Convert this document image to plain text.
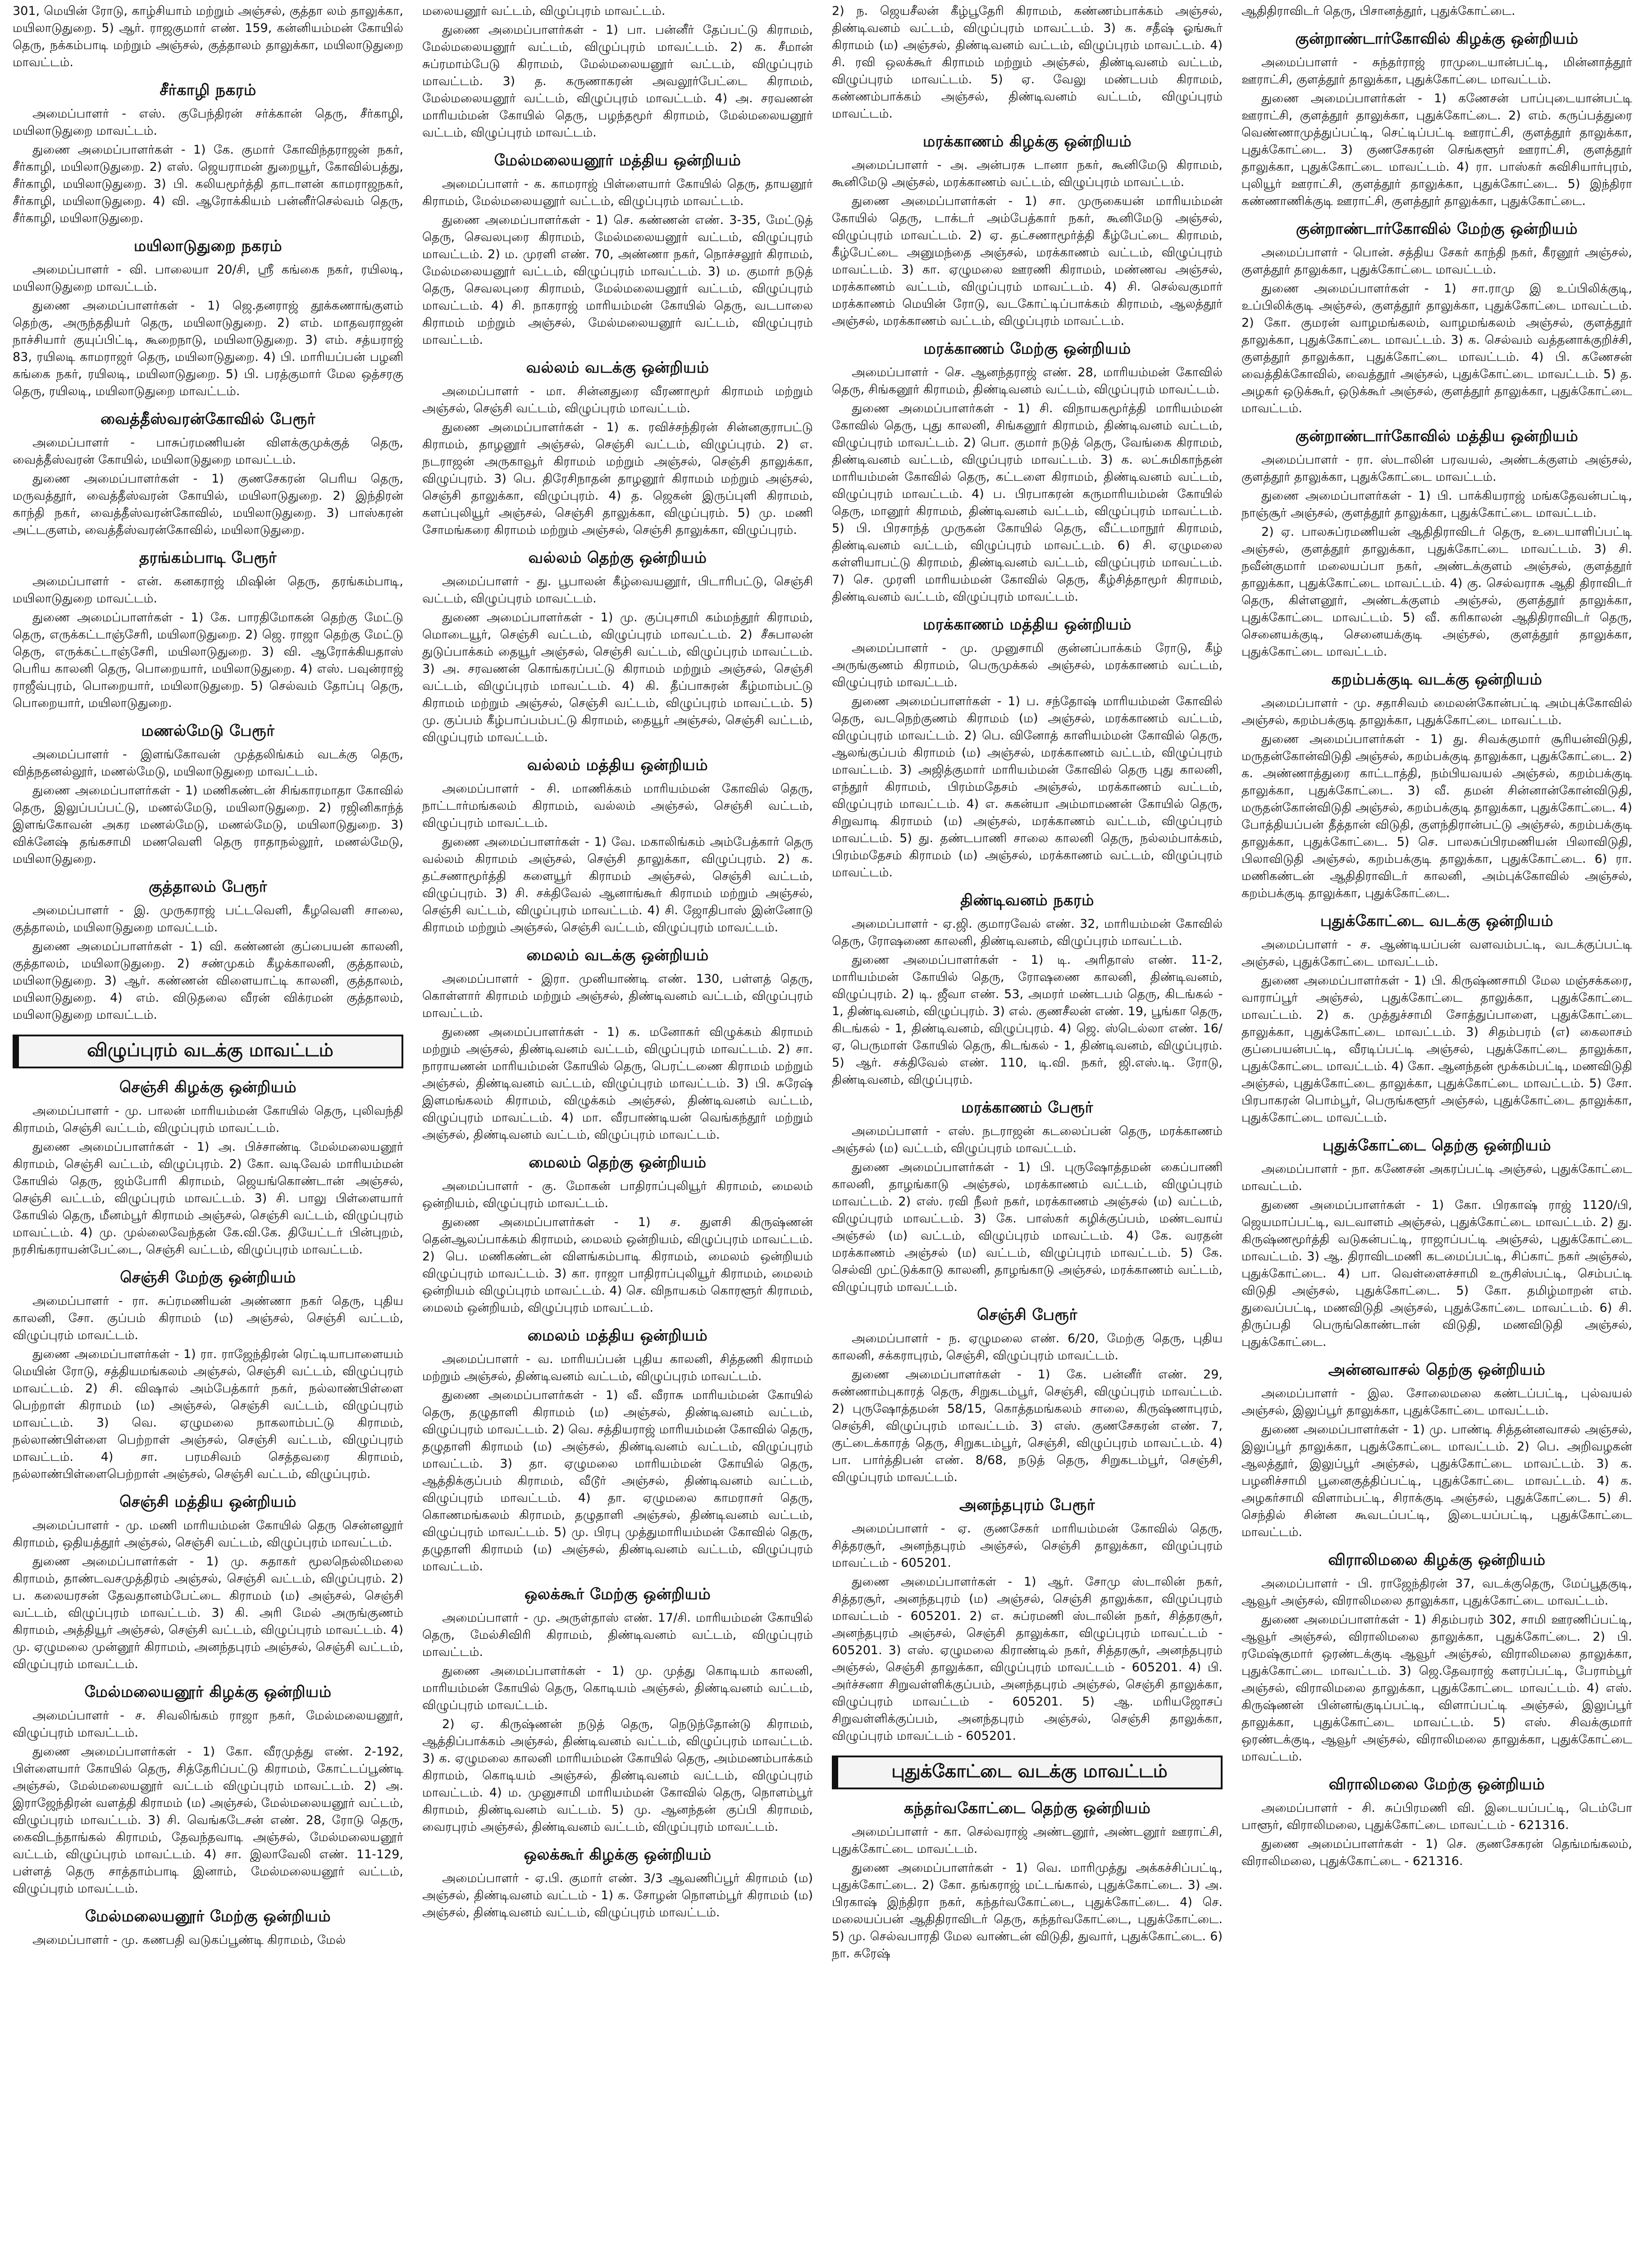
301, மெயின் ரோடு, காழ்சியாம் மற்றும் அஞ்சல், குத்தா லம் தாலுக்கா, மயிலாடுதுறை. 5) ஆர். ராஜகுமார் எண். 159, கன்னியம்மன் கோயில் தெரு, நக்கம்பாடி மற்றும் அஞ்சல், குத்தாலம் தாலுக்கா, மயிலாடுதுறை மாவட்டம்.
சீர்காழி நகரம்
அமைப்பாளர் - எஸ். குபேந்திரன் சர்க்கான் தெரு, சீர்காழி, மயிலாடுதுறை மாவட்டம்.
துணை அமைப்பாளர்கள் - 1) கே. குமார் கோவிந்தராஜன் நகர், சீர்காழி, மயிலாடுதுறை. 2) எஸ். ஜெயராமன் துறையூர், கோவில்பத்து, சீர்காழி, மயிலாடுதுறை. 3) பி. கலியமூர்த்தி தாடாளன் காமராஜநகர், சீர்காழி, மயிலாடுதுறை. 4) வி. ஆரோக்கியம் பன்னீர்செல்வம் தெரு, சீர்காழி, மயிலாடுதுறை.
மயிலாடுதுறை நகரம்
அமைப்பாளர் - வி. பாலையா 20/சி, ஸ்ரீ கங்கை நகர், ரயிலடி, மயிலாடுதுறை மாவட்டம்.
துணை அமைப்பாளர்கள் - 1) ஜெ.தனராஜ் தூக்கணாங்குளம் தெற்கு, அருந்ததியர் தெரு, மயிலாடுதுறை. 2) எம். மாதவராஜன் நாச்சியார் குயுப்பிட்டி, கூறைநாடு, மயிலாடுதுறை. 3) எம். சத்யராஜ் 83, ரயிலடி காமராஜர் தெரு, மயிலாடுதுறை. 4) பி. மாரியப்பன் பழனி கங்கை நகர், ரயிலடி, மயிலாடுதுறை. 5) பி. பரத்குமார் மேல ஒத்சரகு தெரு, ரயிலடி, மயிலாடுதுறை மாவட்டம்.
வைத்தீஸ்வரன்கோவில் பேரூர்
அமைப்பாளர் - பாசுப்ரமணியன் விளக்குமுக்குத் தெரு, வைத்தீஸ்வரன் கோயில், மயிலாடுதுறை மாவட்டம்.
துணை அமைப்பாளர்கள் - 1) குணசேகரன் பெரிய தெரு, மருவத்தூர், வைத்தீஸ்வரன் கோயில், மயிலாடுதுறை. 2) இந்திரன் காந்தி நகர், வைத்தீஸ்வரன்கோவில், மயிலாடுதுறை. 3) பாஸ்கரன் அட்டகுளம், வைத்தீஸ்வரன்கோவில், மயிலாடுதுறை.
தரங்கம்பாடி பேரூர்
அமைப்பாளர் - என். கனகராஜ் மிஷின் தெரு, தரங்கம்பாடி, மயிலாடுதுறை மாவட்டம்.
துணை அமைப்பாளர்கள் - 1) கே. பாரதிமோகன் தெற்கு மேட்டு தெரு, எருக்கட்டாஞ்சேரி, மயிலாடுதுறை. 2) ஜெ. ராஜா தெற்கு மேட்டு தெரு, எருக்கட்டாஞ்சேரி, மயிலாடுதுறை. 3) வி. ஆரோக்கியதாஸ் பெரிய காலனி தெரு, பொறையார், மயிலாடுதுறை. 4) எஸ். பவுன்ராஜ் ராஜீவ்புரம், பொறையார், மயிலாடுதுறை. 5) செல்வம் தோப்பு தெரு, பொறையார், மயிலாடுதுறை.
மணல்மேடு பேரூர்
அமைப்பாளர் - இளங்கோவன் முத்தலிங்கம் வடக்கு தெரு, வித்நதனல்லூர், மணல்மேடு, மயிலாடுதுறை மாவட்டம்.
துணை அமைப்பாளர்கள் - 1) மணிகண்டன் சிங்காரமாதா கோவில் தெரு, இலுப்பப்பட்டு, மணல்மேடு, மயிலாடுதுறை. 2) ரஜினிகாந்த் இளங்கோவன் அகர மணல்மேடு, மணல்மேடு, மயிலாடுதுறை. 3) விக்னேஷ் தங்கசாமி மணவெளி தெரு ராதாநல்லூர், மணல்மேடு, மயிலாடுதுறை.
குத்தாலம் பேரூர்
அமைப்பாளர் - இ. முருகராஜ் பட்டவெளி, கீழவெளி சாலை, குத்தாலம், மயிலாடுதுறை மாவட்டம்.
துணை அமைப்பாளர்கள் - 1) வி. கண்ணன் குப்பையன் காலனி, குத்தாலம், மயிலாடுதுறை. 2) சண்முகம் கீழக்காலனி, குத்தாலம், மயிலாடுதுறை. 3) ஆர். கண்ணன் விளையாட்டி காலனி, குத்தாலம், மயிலாடுதுறை. 4) எம். விடுதலை வீரன் விக்ரமன் குத்தாலம், மயிலாடுதுறை மாவட்டம்.
விழுப்புரம் வடக்கு மாவட்டம்
செஞ்சி கிழக்கு ஒன்றியம்
அமைப்பாளர் - மு. பாலன் மாரியம்மன் கோயில் தெரு, புலிவந்தி கிராமம், செஞ்சி வட்டம், விழுப்புரம் மாவட்டம்.
துணை அமைப்பாளர்கள் - 1) அ. பிச்சாண்டி மேல்மலையனூர் கிராமம், செஞ்சி வட்டம், விழுப்புரம். 2) கோ. வடிவேல் மாரியம்மன் கோயில் தெரு, ஜம்போரி கிராமம், ஜெயங்கொண்டான் அஞ்சல், செஞ்சி வட்டம், விழுப்புரம் மாவட்டம். 3) சி. பாலு பிள்ளையார் கோயில் தெரு, மீனம்பூர் கிராமம் அஞ்சல், செஞ்சி வட்டம், விழுப்புரம் மாவட்டம். 4) மு. முல்லைவேந்தன் கே.வி.கே. தியேட்டர் பின்புறம், நரசிங்கராயன்பேட்டை, செஞ்சி வட்டம், விழுப்புரம் மாவட்டம்.
செஞ்சி மேற்கு ஒன்றியம்
அமைப்பாளர் - ரா. சுப்ரமணியன் அண்ணா நகர் தெரு, புதிய காலனி, சோ. குப்பம் கிராமம் (ம) அஞ்சல், செஞ்சி வட்டம், விழுப்புரம் மாவட்டம்.
துணை அமைப்பாளர்கள் - 1) ரா. ராஜேந்திரன் ரெட்டியாபாளையம் மெயின் ரோடு, சத்தியமங்கலம் அஞ்சல், செஞ்சி வட்டம், விழுப்புரம் மாவட்டம். 2) சி. விஷால் அம்பேத்கார் நகர், நல்லாண்பிள்ளை பெற்றாள் கிராமம் (ம) அஞ்சல், செஞ்சி வட்டம், விழுப்புரம் மாவட்டம். 3) வெ. ஏழுமலை நாகலாம்பட்டு கிராமம், நல்லாண்பிள்ளை பெற்றாள் அஞ்சல், செஞ்சி வட்டம், விழுப்புரம் மாவட்டம். 4) சா. பரமசிவம் செத்தவரை கிராமம், நல்லாண்பிள்ளைபெற்றாள் அஞ்சல், செஞ்சி வட்டம், விழுப்புரம்.
செஞ்சி மத்திய ஒன்றியம்
அமைப்பாளர் - மு. மணி மாரியம்மன் கோயில் தெரு சென்னலூர் கிராமம், ஒதியத்தூர் அஞ்சல், செஞ்சி வட்டம், விழுப்புரம் மாவட்டம்.
துணை அமைப்பாளர்கள் - 1) மு. சுதாகர் மூலநெல்லிமலை கிராமம், தாண்டவசமுத்திரம் அஞ்சல், செஞ்சி வட்டம், விழுப்புரம். 2) ப. கலையரசன் தேவதானம்பேட்டை கிராமம் (ம) அஞ்சல், செஞ்சி வட்டம், விழுப்புரம் மாவட்டம். 3) கி. அரி மேல் அருங்குணம் கிராமம், அத்தியூர் அஞ்சல், செஞ்சி வட்டம், விழுப்புரம் மாவட்டம். 4) மு. ஏழுமலை முன்னூர் கிராமம், அனந்தபுரம் அஞ்சல், செஞ்சி வட்டம், விழுப்புரம் மாவட்டம்.
மேல்மலையனூர் கிழக்கு ஒன்றியம்
அமைப்பாளர் - ச. சிவலிங்கம் ராஜா நகர், மேல்மலையனூர், விழுப்புரம் மாவட்டம்.
துணை அமைப்பாளர்கள் - 1) கோ. வீரமுத்து எண். 2-192, பிள்ளையார் கோயில் தெரு, சித்தேரிப்பட்டு கிராமம், கோட்டப்பூண்டி அஞ்சல், மேல்மலையனூர் வட்டம் விழுப்புரம் மாவட்டம். 2) அ. இராஜேந்திரன் வளத்தி கிராமம் (ம) அஞ்சல், மேல்மலையனூர் வட்டம், விழுப்புரம் மாவட்டம். 3) சி. வெங்கடேசன் எண். 28, ரோடு தெரு, கைவிடந்தாங்கல் கிராமம், தேவந்தவாடி அஞ்சல், மேல்மலையனூர் வட்டம், விழுப்புரம் மாவட்டம். 4) சா. இலாவேலி எண். 11-129, பள்ளத் தெரு சாத்தாம்பாடி இனாம், மேல்மலையனூர் வட்டம், விழுப்புரம் மாவட்டம்.
மேல்மலையனூர் மேற்கு ஒன்றியம்
அமைப்பாளர் - மு. கணபதி வடுகப்பூண்டி கிராமம், மேல்
மலையனூர் வட்டம், விழுப்புரம் மாவட்டம்.
துணை அமைப்பாளர்கள் - 1) பா. பன்னீர் தேப்பட்டு கிராமம், மேல்மலையனூர் வட்டம், விழுப்புரம் மாவட்டம். 2) க. சீமான் சுப்ரமாம்பேடு கிராமம், மேல்மலையனூர் வட்டம், விழுப்புரம் மாவட்டம். 3) த. கருணாகரன் அவலூர்பேட்டை கிராமம், மேல்மலையனூர் வட்டம், விழுப்புரம் மாவட்டம். 4) அ. சரவணன் மாரியம்மன் கோயில் தெரு, பழந்தமூர் கிராமம், மேல்மலையனூர் வட்டம், விழுப்புரம் மாவட்டம்.
மேல்மலையனூர் மத்திய ஒன்றியம்
அமைப்பாளர் - க. காமராஜ் பிள்ளையார் கோயில் தெரு, தாயனூர் கிராமம், மேல்மலையனூர் வட்டம், விழுப்புரம் மாவட்டம்.
துணை அமைப்பாளர்கள் - 1) செ. கண்ணன் எண். 3-35, மேட்டுத் தெரு, செவலபுரை கிராமம், மேல்மலையனூர் வட்டம், விழுப்புரம் மாவட்டம். 2) ம. முரளி எண். 70, அண்ணா நகர், நொச்சலூர் கிராமம், மேல்மலையனூர் வட்டம், விழுப்புரம் மாவட்டம். 3) ம. குமார் நடுத் தெரு, செவலபுரை கிராமம், மேல்மலையனூர் வட்டம், விழுப்புரம் மாவட்டம். 4) சி. நாகராஜ் மாரியம்மன் கோயில் தெரு, வடபாலை கிராமம் மற்றும் அஞ்சல், மேல்மலையனூர் வட்டம், விழுப்புரம் மாவட்டம்.
வல்லம் வடக்கு ஒன்றியம்
அமைப்பாளர் - மா. சின்னதுரை வீரணாமூர் கிராமம் மற்றும் அஞ்சல், செஞ்சி வட்டம், விழுப்புரம் மாவட்டம்.
துணை அமைப்பாளர்கள் - 1) க. ரவிச்சந்திரன் சின்னகுராபட்டு கிராமம், தாழனூர் அஞ்சல், செஞ்சி வட்டம், விழுப்புரம். 2) எ. நடராஜன் அருகாவூர் கிராமம் மற்றும் அஞ்சல், செஞ்சி தாலுக்கா, விழுப்புரம். 3) பெ. திரேசிநாதன் தாழனூர் கிராமம் மற்றும் அஞ்சல், செஞ்சி தாலுக்கா, விழுப்புரம். 4) த. ஜெகன் இருப்புளி கிராமம், களப்புலியூர் அஞ்சல், செஞ்சி தாலுக்கா, விழுப்புரம். 5) மு. மணி சோமங்கரை கிராமம் மற்றும் அஞ்சல், செஞ்சி தாலுக்கா, விழுப்புரம்.
வல்லம் தெற்கு ஒன்றியம்
அமைப்பாளர் - து. பூபாலன் கீழ்வையனூர், பிடாரிபட்டு, செஞ்சி வட்டம், விழுப்புரம் மாவட்டம்.
துணை அமைப்பாளர்கள் - 1) மு. குப்புசாமி கம்மந்தூர் கிராமம், மொடையூர், செஞ்சி வட்டம், விழுப்புரம் மாவட்டம். 2) சீசுபாலன் துடுப்பாக்கம் தையூர் அஞ்சல், செஞ்சி வட்டம், விழுப்புரம் மாவட்டம். 3) அ. சரவணன் கொங்கரப்பட்டு கிராமம் மற்றும் அஞ்சல், செஞ்சி வட்டம், விழுப்புரம் மாவட்டம். 4) கி. தீப்பாசுரன் கீழ்மாம்பட்டு கிராமம் மற்றும் அஞ்சல், செஞ்சி வட்டம், விழுப்புரம் மாவட்டம். 5) மு. குப்பம் கீழ்பாப்பம்பட்டு கிராமம், தையூர் அஞ்சல், செஞ்சி வட்டம், விழுப்புரம் மாவட்டம்.
வல்லம் மத்திய ஒன்றியம்
அமைப்பாளர் - சி. மாணிக்கம் மாரியம்மன் கோவில் தெரு, நாட்டார்மங்கலம் கிராமம், வல்லம் அஞ்சல், செஞ்சி வட்டம், விழுப்புரம் மாவட்டம்.
துணை அமைப்பாளர்கள் - 1) வே. மகாலிங்கம் அம்பேத்கார் தெரு வல்லம் கிராமம் அஞ்சல், செஞ்சி தாலுக்கா, விழுப்புரம். 2) க. தட்சணாமூர்த்தி களையூர் கிராமம் அஞ்சல், செஞ்சி வட்டம், விழுப்புரம். 3) சி. சக்திவேல் ஆனாங்கூர் கிராமம் மற்றும் அஞ்சல், செஞ்சி வட்டம், விழுப்புரம் மாவட்டம். 4) சி. ஜோதிபாஸ் இன்னோடு கிராமம் மற்றும் அஞ்சல், செஞ்சி வட்டம், விழுப்புரம் மாவட்டம்.
மைலம் வடக்கு ஒன்றியம்
அமைப்பாளர் - இரா. முனியாண்டி எண். 130, பள்ளத் தெரு, கொள்ளார் கிராமம் மற்றும் அஞ்சல், திண்டிவனம் வட்டம், விழுப்புரம் மாவட்டம்.
துணை அமைப்பாளர்கள் - 1) க. மனோகர் விழுக்கம் கிராமம் மற்றும் அஞ்சல், திண்டிவனம் வட்டம், விழுப்புரம் மாவட்டம். 2) சா. நாராயணன் மாரியம்மன் கோயில் தெரு, பெரட்டணை கிராமம் மற்றும் அஞ்சல், திண்டிவனம் வட்டம், விழுப்புரம் மாவட்டம். 3) பி. சுரேஷ் இளமங்கலம் கிராமம், விழுக்கம் அஞ்சல், திண்டிவனம் வட்டம், விழுப்புரம் மாவட்டம். 4) மா. வீரபாண்டியன் வெங்கந்தூர் மற்றும் அஞ்சல், திண்டிவனம் வட்டம், விழுப்புரம் மாவட்டம்.
மைலம் தெற்கு ஒன்றியம்
அமைப்பாளர் - கு. மோகன் பாதிராப்புலியூர் கிராமம், மைலம் ஒன்றியம், விழுப்புரம் மாவட்டம்.
துணை அமைப்பாளர்கள் - 1) ச. துளசி கிருஷ்ணன் தென்ஆலப்பாக்கம் கிராமம், மைலம் ஒன்றியம், விழுப்புரம் மாவட்டம். 2) பெ. மணிகண்டன் விளங்கம்பாடி கிராமம், மைலம் ஒன்றியம் விழுப்புரம் மாவட்டம். 3) கா. ராஜா பாதிராப்புலியூர் கிராமம், மைலம் ஒன்றியம் விழுப்புரம் மாவட்டம். 4) செ. விநாயகம் கொரளூர் கிராமம், மைலம் ஒன்றியம், விழுப்புரம் மாவட்டம்.
மைலம் மத்திய ஒன்றியம்
அமைப்பாளர் - வ. மாரியப்பன் புதிய காலனி, சித்தணி கிராமம் மற்றும் அஞ்சல், திண்டிவனம் வட்டம், விழுப்புரம் மாவட்டம்.
துணை அமைப்பாளர்கள் - 1) வீ. வீராசு மாரியம்மன் கோயில் தெரு, தழுதாளி கிராமம் (ம) அஞ்சல், திண்டிவனம் வட்டம், விழுப்புரம் மாவட்டம். 2) வெ. சத்தியராஜ் மாரியம்மன் கோவில் தெரு, தழுதாளி கிராமம் (ம) அஞ்சல், திண்டிவனம் வட்டம், விழுப்புரம் மாவட்டம். 3) தா. ஏழுமலை மாரியம்மன் கோயில் தெரு, ஆத்திக்குப்பம் கிராமம், வீடூர் அஞ்சல், திண்டிவனம் வட்டம், விழுப்புரம் மாவட்டம். 4) தா. ஏழுமலை காமராசர் தெரு, கொணமங்கலம் கிராமம், தழுதாளி அஞ்சல், திண்டிவனம் வட்டம், விழுப்புரம் மாவட்டம். 5) மு. பிரபு முத்துமாரியம்மன் கோவில் தெரு, தழுதாளி கிராமம் (ம) அஞ்சல், திண்டிவனம் வட்டம், விழுப்புரம் மாவட்டம்.
ஒலக்கூர் மேற்கு ஒன்றியம்
அமைப்பாளர் - மு. அருள்தாஸ் எண். 17/சி. மாரியம்மன் கோயில் தெரு, மேல்சிவிரி கிராமம், திண்டிவனம் வட்டம், விழுப்புரம் மாவட்டம்.
துணை அமைப்பாளர்கள் - 1) மு. முத்து கொடியம் காலனி, மாரியம்மன் கோயில் தெரு, கொடியம் அஞ்சல், திண்டிவனம் வட்டம், விழுப்புரம் மாவட்டம்.
2) ஏ. கிருஷ்ணன் நடுத் தெரு, நெடுந்தோன்டு கிராமம், ஆத்திப்பாக்கம் அஞ்சல், திண்டிவனம் வட்டம், விழுப்புரம் மாவட்டம். 3) க. ஏழுமலை காலனி மாரியம்மன் கோயில் தெரு, அம்மணம்பாக்கம் கிராமம், கொடியம் அஞ்சல், திண்டிவனம் வட்டம், விழுப்புரம் மாவட்டம். 4) ம. முனுசாமி மாரியம்மன் கோவில் தெரு, நொளம்பூர் கிராமம், திண்டிவனம் வட்டம். 5) மு. ஆனந்தன் குப்பி கிராமம், வைரபுரம் அஞ்சல், திண்டிவனம் வட்டம், விழுப்புரம் மாவட்டம்.
ஒலக்கூர் கிழக்கு ஒன்றியம்
அமைப்பாளர் - ஏ.பி. குமார் எண். 3/3 ஆவணிப்பூர் கிராமம் (ம) அஞ்சல், திண்டிவனம் வட்டம் - 1) க. சோழன் நொளம்பூர் கிராமம் (ம) அஞ்சல், திண்டிவனம் வட்டம், விழுப்புரம் மாவட்டம்.
2) ந. ஜெயசீலன் கீழ்பூதேரி கிராமம், கண்ணம்பாக்கம் அஞ்சல், திண்டிவனம் வட்டம், விழுப்புரம் மாவட்டம். 3) க. சதீஷ் ஓங்கூர் கிராமம் (ம) அஞ்சல், திண்டிவனம் வட்டம், விழுப்புரம் மாவட்டம். 4) சி. ரவி ஒலக்கூர் கிராமம் மற்றும் அஞ்சல், திண்டிவனம் வட்டம், விழுப்புரம் மாவட்டம். 5) ஏ. வேலு மண்டபம் கிராமம், கண்ணம்பாக்கம் அஞ்சல், திண்டிவனம் வட்டம், விழுப்புரம் மாவட்டம்.
மரக்காணம் கிழக்கு ஒன்றியம்
அமைப்பாளர் - அ. அன்பரசு டானா நகர், கூனிமேடு கிராமம், கூனிமேடு அஞ்சல், மரக்காணம் வட்டம், விழுப்புரம் மாவட்டம்.
துணை அமைப்பாளர்கள் - 1) சா. முருகையன் மாரியம்மன் கோயில் தெரு, டாக்டர் அம்பேத்கார் நகர், கூனிமேடு அஞ்சல், விழுப்புரம் மாவட்டம். 2) ஏ. தட்சணாமூர்த்தி கீழ்பேட்டை கிராமம், கீழ்பேட்டை அனுமந்தை அஞ்சல், மரக்காணம் வட்டம், விழுப்புரம் மாவட்டம். 3) கா. ஏழுமலை ஊரணி கிராமம், மண்ணவ அஞ்சல், மரக்காணம் வட்டம், விழுப்புரம் மாவட்டம். 4) சி. செல்வகுமார் மரக்காணம் மெயின் ரோடு, வடகோட்டிப்பாக்கம் கிராமம், ஆலத்தூர் அஞ்சல், மரக்காணம் வட்டம், விழுப்புரம் மாவட்டம்.
மரக்காணம் மேற்கு ஒன்றியம்
அமைப்பாளர் - செ. ஆனந்தராஜ் எண். 28, மாரியம்மன் கோவில் தெரு, சிங்கனூர் கிராமம், திண்டிவனம் வட்டம், விழுப்புரம் மாவட்டம்.
துணை அமைப்பாளர்கள் - 1) சி. விநாயகமூர்த்தி மாரியம்மன் கோவில் தெரு, புது காலனி, சிங்கனூர் கிராமம், திண்டிவனம் வட்டம், விழுப்புரம் மாவட்டம். 2) பொ. குமார் நடுத் தெரு, வேங்கை கிராமம், திண்டிவனம் வட்டம், விழுப்புரம் மாவட்டம். 3) க. லட்சுமிகாந்தன் மாரியம்மன் கோவில் தெரு, கட்டளை கிராமம், திண்டிவனம் வட்டம், விழுப்புரம் மாவட்டம். 4) ப. பிரபாகரன் கருமாரியம்மன் கோயில் தெரு, மானூர் கிராமம், திண்டிவனம் வட்டம், விழுப்புரம் மாவட்டம். 5) பி. பிரசாந்த் முருகன் கோயில் தெரு, வீட்டமாநூர் கிராமம், திண்டிவனம் வட்டம், விழுப்புரம் மாவட்டம். 6) சி. ஏழுமலை கள்ளியாபட்டு கிராமம், திண்டிவனம் வட்டம், விழுப்புரம் மாவட்டம். 7) செ. முரளி மாரியம்மன் கோவில் தெரு, கீழ்சித்தாமூர் கிராமம், திண்டிவனம் வட்டம், விழுப்புரம் மாவட்டம்.
மரக்காணம் மத்திய ஒன்றியம்
அமைப்பாளர் - மு. முனுசாமி குன்னப்பாக்கம் ரோடு, கீழ் அருங்குணம் கிராமம், பெருமுக்கல் அஞ்சல், மரக்காணம் வட்டம், விழுப்புரம் மாவட்டம்.
துணை அமைப்பாளர்கள் - 1) ப. சந்தோஷ் மாரியம்மன் கோவில் தெரு, வடநெற்குணம் கிராமம் (ம) அஞ்சல், மரக்காணம் வட்டம், விழுப்புரம் மாவட்டம். 2) பெ. வினோத் காளியம்மன் கோவில் தெரு, ஆலங்குப்பம் கிராமம் (ம) அஞ்சல், மரக்காணம் வட்டம், விழுப்புரம் மாவட்டம். 3) அஜித்குமார் மாரியம்மன் கோவில் தெரு புது காலனி, எந்தூர் கிராமம், பிரம்மதேசம் அஞ்சல், மரக்காணம் வட்டம், விழுப்புரம் மாவட்டம். 4) எ. சுகன்யா அம்மாமணன் கோயில் தெரு, சிறுவாடி கிராமம் (ம) அஞ்சல், மரக்காணம் வட்டம், விழுப்புரம் மாவட்டம். 5) து. தண்டபாணி சாலை காலனி தெரு, நல்லம்பாக்கம், பிரம்மதேசம் கிராமம் (ம) அஞ்சல், மரக்காணம் வட்டம், விழுப்புரம் மாவட்டம்.
திண்டிவனம் நகரம்
அமைப்பாளர் - ஏ.ஜி. குமாரவேல் எண். 32, மாரியம்மன் கோவில் தெரு, ரோஷணை காலனி, திண்டிவனம், விழுப்புரம் மாவட்டம்.
துணை அமைப்பாளர்கள் - 1) டி. அரிதாஸ் எண். 11-2, மாரியம்மன் கோயில் தெரு, ரோஷணை காலனி, திண்டிவனம், விழுப்புரம். 2) டி. ஜீவா எண். 53, அமரர் மண்டபம் தெரு, கிடங்கல் - 1, திண்டிவனம், விழுப்புரம். 3) எல். குணசீலன் எண். 19, பூங்கா தெரு, கிடங்கல் - 1, திண்டிவனம், விழுப்புரம். 4) ஜெ. ஸ்டெல்லா எண். 16/ஏ, பெருமாள் கோயில் தெரு, கிடங்கல் - 1, திண்டிவனம், விழுப்புரம். 5) ஆர். சக்திவேல் எண். 110, டி.வி. நகர், ஜி.எஸ்.டி. ரோடு, திண்டிவனம், விழுப்புரம்.
மரக்காணம் பேரூர்
அமைப்பாளர் - எஸ். நடராஜன் கடலைப்பன் தெரு, மரக்காணம் அஞ்சல் (ம) வட்டம், விழுப்புரம் மாவட்டம்.
துணை அமைப்பாளர்கள் - 1) பி. புருஷோத்தமன் கைப்பாணி காலனி, தாழங்காடு அஞ்சல், மரக்காணம் வட்டம், விழுப்புரம் மாவட்டம். 2) எஸ். ரவி நீலர் நகர், மரக்காணம் அஞ்சல் (ம) வட்டம், விழுப்புரம் மாவட்டம். 3) கே. பாஸ்கர் கழிக்குப்பம், மண்டவாய் அஞ்சல் (ம) வட்டம், விழுப்புரம் மாவட்டம். 4) கே. வரதன் மரக்காணம் அஞ்சல் (ம) வட்டம், விழுப்புரம் மாவட்டம். 5) கே. செல்வி முட்டுக்காடு காலனி, தாழங்காடு அஞ்சல், மரக்காணம் வட்டம், விழுப்புரம் மாவட்டம்.
செஞ்சி பேரூர்
அமைப்பாளர் - ந. ஏழுமலை எண். 6/20, மேற்கு தெரு, புதிய காலனி, சக்கராபுரம், செஞ்சி, விழுப்புரம் மாவட்டம்.
துணை அமைப்பாளர்கள் - 1) கே. பன்னீர் எண். 29, சுண்ணாம்புகாரத் தெரு, சிறுகடம்பூர், செஞ்சி, விழுப்புரம் மாவட்டம். 2) புருஷோத்தமன் 58/15, கொத்தமங்கலம் சாலை, கிருஷ்ணாபுரம், செஞ்சி, விழுப்புரம் மாவட்டம். 3) எஸ். குணசேகரன் எண். 7, குட்டைக்காரத் தெரு, சிறுகடம்பூர், செஞ்சி, விழுப்புரம் மாவட்டம். 4) பா. பார்த்திபன் எண். 8/68, நடுத் தெரு, சிறுகடம்பூர், செஞ்சி, விழுப்புரம் மாவட்டம்.
அனந்தபுரம் பேரூர்
அமைப்பாளர் - ஏ. குணசேகர் மாரியம்மன் கோவில் தெரு, சித்தரசூர், அனந்தபுரம் அஞ்சல், செஞ்சி தாலுக்கா, விழுப்புரம் மாவட்டம் - 605201.
துணை அமைப்பாளர்கள் - 1) ஆர். சோமு ஸ்டாலின் நகர், சித்தரசூர், அனந்தபுரம் (ம) அஞ்சல், செஞ்சி தாலுக்கா, விழுப்புரம் மாவட்டம் - 605201. 2) எ. சுப்ரமணி ஸ்டாலின் நகர், சித்தரசூர், அனந்தபுரம் அஞ்சல், செஞ்சி தாலுக்கா, விழுப்புரம் மாவட்டம் - 605201. 3) எஸ். ஏழுமலை கிராண்டில் நகர், சித்தரசூர், அனந்தபுரம் அஞ்சல், செஞ்சி தாலுக்கா, விழுப்புரம் மாவட்டம் - 605201. 4) பி. அர்ச்சனா சிறுவள்ளிக்குப்பம், அனந்தபுரம் அஞ்சல், செஞ்சி தாலுக்கா, விழுப்புரம் மாவட்டம் - 605201. 5) ஆ. மரியஜோசப் சிறுவள்ளிக்குப்பம், அனந்தபுரம் அஞ்சல், செஞ்சி தாலுக்கா, விழுப்புரம் மாவட்டம் - 605201.
புதுக்கோட்டை வடக்கு மாவட்டம்
கந்தர்வகோட்டை தெற்கு ஒன்றியம்
அமைப்பாளர் - கா. செல்வராஜ் அண்டனூர், அண்டனூர் ஊராட்சி, புதுக்கோட்டை மாவட்டம்.
துணை அமைப்பாளர்கள் - 1) வெ. மாரிமுத்து அக்கச்சிப்பட்டி, புதுக்கோட்டை. 2) கோ. தங்கராஜ் மட்டங்கால், புதுக்கோட்டை. 3) அ. பிரகாஷ் இந்திரா நகர், கந்தர்வகோட்டை, புதுக்கோட்டை. 4) செ. மலையப்பன் ஆதிதிராவிடர் தெரு, கந்தர்வகோட்டை, புதுக்கோட்டை. 5) மு. செல்வபாரதி மேல வாண்டன் விடுதி, துவார், புதுக்கோட்டை. 6) நா. சுரேஷ்
ஆதிதிராவிடர் தெரு, பிசானத்தூர், புதுக்கோட்டை.
குன்றாண்டார்கோவில் கிழக்கு ஒன்றியம்
அமைப்பாளர் - சுந்தர்ராஜ் ராமுடையான்பட்டி, மின்னாத்தூர் ஊராட்சி, குளத்தூர் தாலுக்கா, புதுக்கோட்டை மாவட்டம்.
துணை அமைப்பாளர்கள் - 1) கணேசன் பாப்புடையான்பட்டி ஊராட்சி, குளத்தூர் தாலுக்கா, புதுக்கோட்டை. 2) எம். கருப்பத்துரை வெண்ணாமுத்துப்பட்டி, செட்டிப்பட்டி ஊராட்சி, குளத்தூர் தாலுக்கா, புதுக்கோட்டை. 3) குணசேகரன் செங்களூர் ஊராட்சி, குளத்தூர் தாலுக்கா, புதுக்கோட்டை மாவட்டம். 4) ரா. பாஸ்கர் சுவிசியார்புரம், புலியூர் ஊராட்சி, குளத்தூர் தாலுக்கா, புதுக்கோட்டை. 5) இந்திரா கண்ணாணிக்குடி ஊராட்சி, குளத்தூர் தாலுக்கா, புதுக்கோட்டை.
குன்றாண்டார்கோவில் மேற்கு ஒன்றியம்
அமைப்பாளர் - பொன். சத்திய சேகர் காந்தி நகர், கீரனூர் அஞ்சல், குளத்தூர் தாலுக்கா, புதுக்கோட்டை மாவட்டம்.
துணை அமைப்பாளர்கள் - 1) சா.ராமு இ உப்பிலிக்குடி, உப்பிலிக்குடி அஞ்சல், குளத்தூர் தாலுக்கா, புதுக்கோட்டை மாவட்டம். 2) கோ. குமரன் வாழமங்கலம், வாழமங்கலம் அஞ்சல், குளத்தூர் தாலுக்கா, புதுக்கோட்டை மாவட்டம். 3) க. செல்வம் வத்தனாக்குறிச்சி, குளத்தூர் தாலுக்கா, புதுக்கோட்டை மாவட்டம். 4) பி. கணேசன் வைத்திக்கோவில், வைத்தூர் அஞ்சல், புதுக்கோட்டை மாவட்டம். 5) த. அழகர் ஒடுக்கூர், ஒடுக்கூர் அஞ்சல், குளத்தூர் தாலுக்கா, புதுக்கோட்டை மாவட்டம்.
குன்றாண்டார்கோவில் மத்திய ஒன்றியம்
அமைப்பாளர் - ரா. ஸ்டாலின் பரவயல், அண்டக்குளம் அஞ்சல், குளத்தூர் தாலுக்கா, புதுக்கோட்டை மாவட்டம்.
துணை அமைப்பாளர்கள் - 1) பி. பாக்கியராஜ் மங்கதேவன்பட்டி, நாஞ்சூர் அஞ்சல், குளத்தூர் தாலுக்கா, புதுக்கோட்டை மாவட்டம்.
2) ஏ. பாலசுப்ரமணியன் ஆதிதிராவிடர் தெரு, உடையாளிப்பட்டி அஞ்சல், குளத்தூர் தாலுக்கா, புதுக்கோட்டை மாவட்டம். 3) சி. நவீன்குமார் மலையப்பா நகர், அண்டக்குளம் அஞ்சல், குளத்தூர் தாலுக்கா, புதுக்கோட்டை மாவட்டம். 4) கு. செல்வராசு ஆதி திராவிடர் தெரு, கிள்ளனூர், அண்டக்குளம் அஞ்சல், குளத்தூர் தாலுக்கா, புதுக்கோட்டை மாவட்டம். 5) வீ. கரிகாலன் ஆதிதிராவிடர் தெரு, செனையக்குடி, செனையக்குடி அஞ்சல், குளத்தூர் தாலுக்கா, புதுக்கோட்டை மாவட்டம்.
கறம்பக்குடி வடக்கு ஒன்றியம்
அமைப்பாளர் - மு. சதாசிவம் மைலன்கோன்பட்டி அம்புக்கோவில் அஞ்சல், கறம்பக்குடி தாலுக்கா, புதுக்கோட்டை மாவட்டம்.
துணை அமைப்பாளர்கள் - 1) து. சிவக்குமார் சூரியன்விடுதி, மருதன்கோன்விடுதி அஞ்சல், கறம்பக்குடி தாலுக்கா, புதுக்கோட்டை. 2) க. அண்ணாத்துரை காட்டாத்தி, நம்பியவயல் அஞ்சல், கறம்பக்குடி தாலுக்கா, புதுக்கோட்டை. 3) வீ. தமன் சின்னான்கோன்விடுதி, மருதன்கோன்விடுதி அஞ்சல், கறம்பக்குடி தாலுக்கா, புதுக்கோட்டை. 4) போத்தியப்பன் தீத்தான் விடுதி, குளந்திரான்பட்டு அஞ்சல், கறம்பக்குடி தாலுக்கா, புதுக்கோட்டை. 5) செ. பாலசுப்பிரமணியன் பிலாவிடுதி, பிலாவிடுதி அஞ்சல், கறம்பக்குடி தாலுக்கா, புதுக்கோட்டை. 6) ரா. மணிகண்டன் ஆதிதிராவிடர் காலனி, அம்புக்கோவில் அஞ்சல், கறம்பக்குடி தாலுக்கா, புதுக்கோட்டை.
புதுக்கோட்டை வடக்கு ஒன்றியம்
அமைப்பாளர் - ச. ஆண்டியப்பன் வளவம்பட்டி, வடக்குப்பட்டி அஞ்சல், புதுக்கோட்டை மாவட்டம்.
துணை அமைப்பாளர்கள் - 1) பி. கிருஷ்ணசாமி மேல மஞ்சக்கரை, வாராப்பூர் அஞ்சல், புதுக்கோட்டை தாலுக்கா, புதுக்கோட்டை மாவட்டம். 2) க. முத்துச்சாமி சோத்துப்பாளை, புதுக்கோட்டை தாலுக்கா, புதுக்கோட்டை மாவட்டம். 3) சிதம்பரம் (எ) கைலாசம் குப்பையன்பட்டி, வீரடிப்பட்டி அஞ்சல், புதுக்கோட்டை தாலுக்கா, புதுக்கோட்டை மாவட்டம். 4) கோ. ஆனந்தன் மூக்கம்பட்டி, மணவிடுதி அஞ்சல், புதுக்கோட்டை தாலுக்கா, புதுக்கோட்டை மாவட்டம். 5) சோ. பிரபாகரன் பொம்பூர், பெருங்களூர் அஞ்சல், புதுக்கோட்டை தாலுக்கா, புதுக்கோட்டை மாவட்டம்.
புதுக்கோட்டை தெற்கு ஒன்றியம்
அமைப்பாளர் - நா. கணேசன் அகரப்பட்டி அஞ்சல், புதுக்கோட்டை மாவட்டம்.
துணை அமைப்பாளர்கள் - 1) கோ. பிரகாஷ் ராஜ் 1120/பி, ஜெயமாப்பட்டி, வடவாளம் அஞ்சல், புதுக்கோட்டை மாவட்டம். 2) து. கிருஷ்ணமூர்த்தி வடுகன்பட்டி, ராஜாப்பட்டி அஞ்சல், புதுக்கோட்டை மாவட்டம். 3) ஆ. திராவிடமணி கடமைப்பட்டி, சிப்காட் நகர் அஞ்சல், புதுக்கோட்டை. 4) பா. வெள்ளைச்சாமி உருசிஸ்பட்டி, செம்பட்டி விடுதி அஞ்சல், புதுக்கோட்டை. 5) கோ. தமிழ்மாறன் எம். துவைப்பட்டி, மணவிடுதி அஞ்சல், புதுக்கோட்டை மாவட்டம். 6) சி. திருப்பதி பெருங்கொண்டான் விடுதி, மணவிடுதி அஞ்சல், புதுக்கோட்டை.
அன்னவாசல் தெற்கு ஒன்றியம்
அமைப்பாளர் - இல. சோலைமலை கண்டப்பட்டி, புல்வயல் அஞ்சல், இலுப்பூர் தாலுக்கா, புதுக்கோட்டை மாவட்டம்.
துணை அமைப்பாளர்கள் - 1) மு. பாண்டி சித்தன்னவாசல் அஞ்சல், இலுப்பூர் தாலுக்கா, புதுக்கோட்டை மாவட்டம். 2) பெ. அறிவழகன் ஆலத்தூர், இலுப்பூர் அஞ்சல், புதுக்கோட்டை மாவட்டம். 3) க. பழனிச்சாமி பூனைகுத்திப்பட்டி, புதுக்கோட்டை மாவட்டம். 4) க. அழகர்சாமி விளாம்பட்டி, சிராக்குடி அஞ்சல், புதுக்கோட்டை. 5) சி. செந்தில் சின்ன கூவடப்பட்டி, இடையப்பட்டி, புதுக்கோட்டை மாவட்டம்.
விராலிமலை கிழக்கு ஒன்றியம்
அமைப்பாளர் - பி. ராஜேந்திரன் 37, வடக்குதெரு, மேப்பூதகுடி, ஆவூர் அஞ்சல், விராலிமலை தாலுக்கா, புதுக்கோட்டை மாவட்டம்.
துணை அமைப்பாளர்கள் - 1) சிதம்பரம் 302, சாமி ஊரணிப்பட்டி, ஆவூர் அஞ்சல், விராலிமலை தாலுக்கா, புதுக்கோட்டை. 2) பி. ரமேஷ்குமார் ஒரண்டக்குடி ஆவூர் அஞ்சல், விராலிமலை தாலுக்கா, புதுக்கோட்டை மாவட்டம். 3) ஜெ.தேவராஜ் களரப்பட்டி, பேராம்பூர் அஞ்சல், விராலிமலை தாலுக்கா, புதுக்கோட்டை மாவட்டம். 4) எஸ். கிருஷ்ணன் பின்னங்குடிப்பட்டி, விளாப்பட்டி அஞ்சல், இலுப்பூர் தாலுக்கா, புதுக்கோட்டை மாவட்டம். 5) எஸ். சிவக்குமார் ஒரண்டக்குடி, ஆவூர் அஞ்சல், விராலிமலை தாலுக்கா, புதுக்கோட்டை மாவட்டம்.
விராலிமலை மேற்கு ஒன்றியம்
அமைப்பாளர் - சி. சுப்பிரமணி வி. இடையப்பட்டி, டெம்போ பாளூர், விராலிமலை, புதுக்கோட்டை மாவட்டம் - 621316.
துணை அமைப்பாளர்கள் - 1) செ. குணசேகரன் தெங்மங்கலம், விராலிமலை, புதுக்கோட்டை - 621316.
